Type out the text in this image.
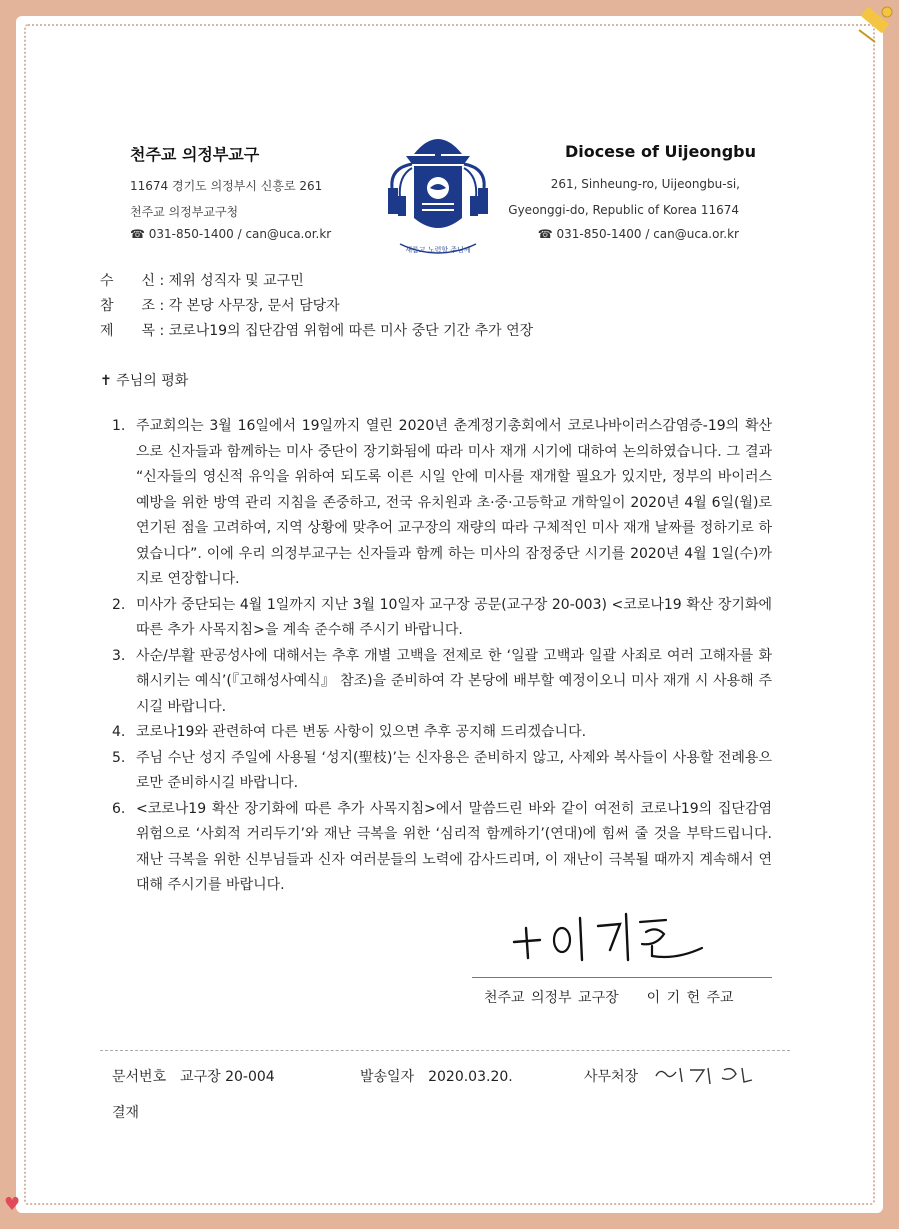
천주교 의정부교구
11674 경기도 의정부시 신흥로 261
천주교 의정부교구청
☎ 031-850-1400 / can@uca.or.kr
새롭고 노력할 주님께
Diocese of Uijeongbu
261, Sinheung-ro, Uijeongbu-si,
Gyeonggi-do, Republic of Korea 11674
☎ 031-850-1400 / can@uca.or.kr
수　　신 : 제위 성직자 및 교구민
참　　조 : 각 본당 사무장, 문서 담당자
제　　목 : 코로나19의 집단감염 위험에 따른 미사 중단 기간 추가 연장
✝ 주님의 평화
1. 주교회의는 3월 16일에서 19일까지 열린 2020년 춘계정기총회에서 코로나바이러스감염증-19의 확산으로 신자들과 함께하는 미사 중단이 장기화됨에 따라 미사 재개 시기에 대하여 논의하였습니다. 그 결과 “신자들의 영신적 유익을 위하여 되도록 이른 시일 안에 미사를 재개할 필요가 있지만, 정부의 바이러스 예방을 위한 방역 관리 지침을 존중하고, 전국 유치원과 초·중·고등학교 개학일이 2020년 4월 6일(월)로 연기된 점을 고려하여, 지역 상황에 맞추어 교구장의 재량의 따라 구체적인 미사 재개 날짜를 정하기로 하였습니다”. 이에 우리 의정부교구는 신자들과 함께 하는 미사의 잠정중단 시기를 2020년 4월 1일(수)까지로 연장합니다.
2. 미사가 중단되는 4월 1일까지 지난 3월 10일자 교구장 공문(교구장 20-003) <코로나19 확산 장기화에 따른 추가 사목지침>을 계속 준수해 주시기 바랍니다.
3. 사순/부활 판공성사에 대해서는 추후 개별 고백을 전제로 한 ‘일괄 고백과 일괄 사죄로 여러 고해자를 화해시키는 예식’(『고해성사예식』 참조)을 준비하여 각 본당에 배부할 예정이오니 미사 재개 시 사용해 주시길 바랍니다.
4. 코로나19와 관련하여 다른 변동 사항이 있으면 추후 공지해 드리겠습니다.
5. 주님 수난 성지 주일에 사용될 ‘성지(聖枝)’는 신자용은 준비하지 않고, 사제와 복사들이 사용할 전례용으로만 준비하시길 바랍니다.
6. <코로나19 확산 장기화에 따른 추가 사목지침>에서 말씀드린 바와 같이 여전히 코로나19의 집단감염 위험으로 ‘사회적 거리두기’와 재난 극복을 위한 ‘심리적 함께하기’(연대)에 힘써 줄 것을 부탁드립니다. 재난 극복을 위한 신부님들과 신자 여러분들의 노력에 감사드리며, 이 재난이 극복될 때까지 계속해서 연대해 주시기를 바랍니다.
천주교 의정부 교구장　　이 기 헌 주교
문서번호　교구장 20-004	발송일자　2020.03.20.	사무처장
결재
♥
